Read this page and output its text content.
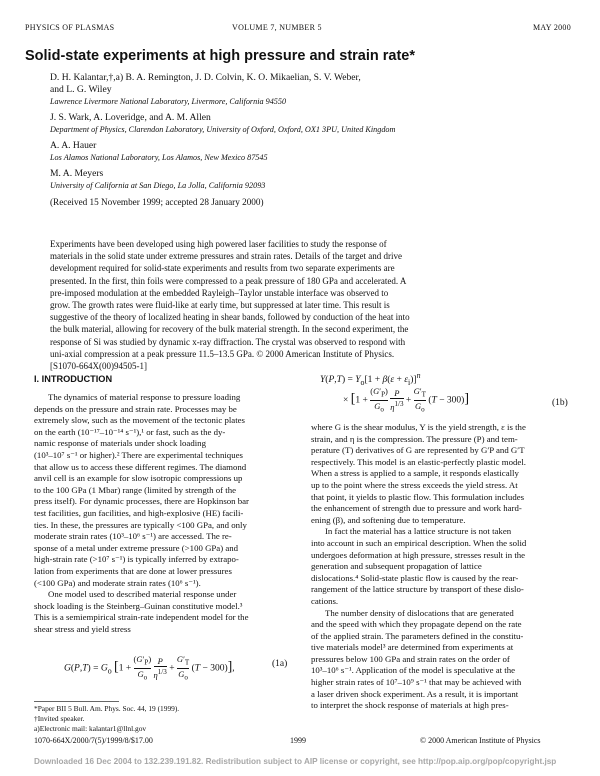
PHYSICS OF PLASMAS	VOLUME 7, NUMBER 5	MAY 2000
Solid-state experiments at high pressure and strain rate*
D. H. Kalantar,†,a) B. A. Remington, J. D. Colvin, K. O. Mikaelian, S. V. Weber,
and L. G. Wiley
Lawrence Livermore National Laboratory, Livermore, California 94550
J. S. Wark, A. Loveridge, and A. M. Allen
Department of Physics, Clarendon Laboratory, University of Oxford, Oxford, OX1 3PU, United Kingdom
A. A. Hauer
Los Alamos National Laboratory, Los Alamos, New Mexico 87545
M. A. Meyers
University of California at San Diego, La Jolla, California 92093
(Received 15 November 1999; accepted 28 January 2000)
Experiments have been developed using high powered laser facilities to study the response of
materials in the solid state under extreme pressures and strain rates. Details of the target and drive
development required for solid-state experiments and results from two separate experiments are
presented. In the first, thin foils were compressed to a peak pressure of 180 GPa and accelerated. A
pre-imposed modulation at the embedded Rayleigh–Taylor unstable interface was observed to
grow. The growth rates were fluid-like at early time, but suppressed at later time. This result is
suggestive of the theory of localized heating in shear bands, followed by conduction of the heat into
the bulk material, allowing for recovery of the bulk material strength. In the second experiment, the
response of Si was studied by dynamic x-ray diffraction. The crystal was observed to respond with
uni-axial compression at a peak pressure 11.5–13.5 GPa. © 2000 American Institute of Physics.
[S1070-664X(00)94505-1]
I. INTRODUCTION
The dynamics of material response to pressure loading
depends on the pressure and strain rate. Processes may be
extremely slow, such as the movement of the tectonic plates
on the earth (10⁻¹⁷–10⁻¹⁴ s⁻¹),¹ or fast, such as the dy-
namic response of materials under shock loading
(10³–10⁷ s⁻¹ or higher).² There are experimental techniques
that allow us to access these different regimes. The diamond
anvil cell is an example for slow isotropic compressions up
to the 100 GPa (1 Mbar) range (limited by strength of the
press itself). For dynamic processes, there are Hopkinson bar
test facilities, gun facilities, and high-explosive (HE) facili-
ties. In these, the pressures are typically <100 GPa, and only
moderate strain rates (10³–10⁶ s⁻¹) are accessed. The re-
sponse of a metal under extreme pressure (>100 GPa) and
high-strain rate (>10⁷ s⁻¹) is typically inferred by extrapo-
lation from experiments that are done at lower pressures
(<100 GPa) and moderate strain rates (10⁶ s⁻¹).
One model used to described material response under
shock loading is the Steinberg–Guinan constitutive model.³
This is a semiempirical strain-rate independent model for the
shear stress and yield stress
$G(P,T) = G_o$ $[1 + \frac{(G'_P)}{G_o} \frac{P}{\eta^{1/3}} + \frac{G'_T}{G_o} (T - 300)]$,	(1a)
*Paper BII 5 Bull. Am. Phys. Soc. 44, 19 (1999).
†Invited speaker.
a)Electronic mail: kalantar1@llnl.gov
$Y(P,T) = Y_o[1 + \beta(\varepsilon + \varepsilon_i)]^n$
× $[1 + \frac{(G'_P)}{G_o} \frac{P}{\eta^{1/3}} + \frac{G'_T}{G_o} (T - 300)]$	(1b)
where G is the shear modulus, Y is the yield strength, ε is the
strain, and η is the compression. The pressure (P) and tem-
perature (T) derivatives of G are represented by G′P and G′T
respectively. This model is an elastic-perfectly plastic model.
When a stress is applied to a sample, it responds elastically
up to the point where the stress exceeds the yield stress. At
that point, it yields to plastic flow. This formulation includes
the enhancement of strength due to pressure and work hard-
ening (β), and softening due to temperature.
In fact the material has a lattice structure is not taken
into account in such an empirical description. When the solid
undergoes deformation at high pressure, stresses result in the
generation and subsequent propagation of lattice
dislocations.⁴ Solid-state plastic flow is caused by the rear-
rangement of the lattice structure by transport of these dislo-
cations.
The number density of dislocations that are generated
and the speed with which they propagate depend on the rate
of the applied strain. The parameters defined in the constitu-
tive materials model³ are determined from experiments at
pressures below 100 GPa and strain rates on the order of
10³–10⁶ s⁻¹. Application of the model is speculative at the
higher strain rates of 10⁷–10⁹ s⁻¹ that may be achieved with
a laser driven shock experiment. As a result, it is important
to interpret the shock response of materials at high pres-
1070-664X/2000/7(5)/1999/8/$17.00	1999	© 2000 American Institute of Physics
Downloaded 16 Dec 2004 to 132.239.191.82. Redistribution subject to AIP license or copyright, see http://pop.aip.org/pop/copyright.jsp
